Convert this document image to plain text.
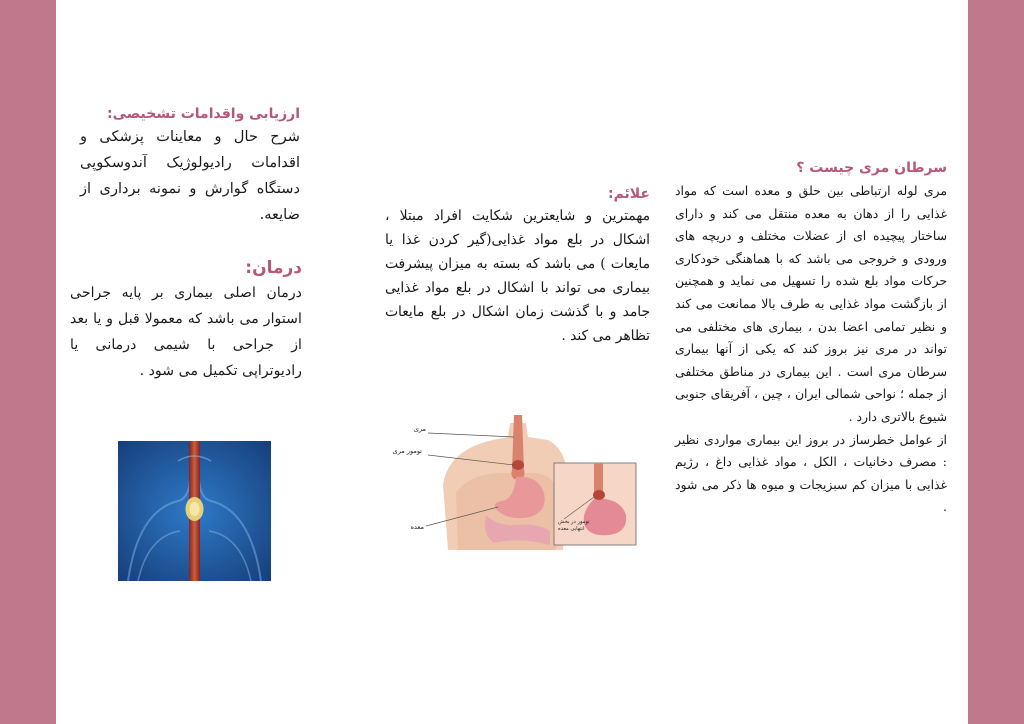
سرطان مری چیست ؟
مری لوله ارتباطی بین حلق و معده است که مواد غذایی را از دهان به معده منتقل می کند و دارای ساختار پیچیده ای از عضلات مختلف و دریچه های ورودی و خروجی می باشد که با هماهنگی خودکاری حرکات مواد بلع شده را تسهیل می نماید و همچنین از بازگشت مواد غذایی به طرف بالا ممانعت می کند و نظیر تمامی اعضا بدن ، بیماری های مختلفی می تواند در مری نیز بروز کند که یکی از آنها بیماری سرطان مری است . این بیماری در مناطق مختلفی از جمله ؛ نواحی شمالی ایران ، چین ، آفریقای جنوبی شیوع بالاتری دارد .
از عوامل خطرساز در بروز این بیماری مواردی نظیر : مصرف دخانیات ، الکل ، مواد غذایی داغ ، رژیم غذایی با میزان کم سبزیجات و میوه ها ذکر می شود .
علائم:
مهمترین و شایعترین شکایت افراد مبتلا ، اشکال در بلع مواد غذایی(گیر کردن غذا یا مایعات ) می باشد که بسته به میزان پیشرفت بیماری می تواند با اشکال در بلع مواد غذایی جامد و با گذشت زمان اشکال در بلع مایعات تظاهر می کند .
ارزیابی واقدامات تشخیصی:
شرح حال و معاینات پزشکی و اقدامات رادیولوژیک آندوسکوپی دستگاه گوارش و نمونه برداری از ضایعه.
درمان:
درمان اصلی بیماری بر پایه جراحی استوار می باشد که معمولا قبل و یا بعد از جراحی با شیمی درمانی یا رادیوتراپی تکمیل می شود .
مری
تومور مری
معده
تومور در بخش
انتهایی معده
